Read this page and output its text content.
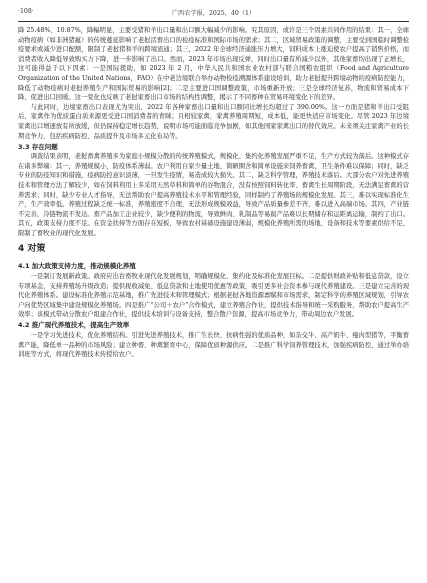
·108·	广西农学报，2025，40（1）

降 25.48%、10.87%，降幅明显，主要受猪和羊出口量和出口额大幅减少的影响。究其原因，或许是三个因素共同作用的结果：其一，全球动物疫病（如非洲猪瘟）的传统蔓延影响了老挝活畜出口的检疫标准和国际市场的需求；其二，区域贸易政策的调整，主要受到国临时调整检疫要求或减少进口配额，限制了老挝猪和羊的跨境流通；其三，2022 年全球经济通胀压力增大，饲料成本上涨迫使农户提高了销售价格，而消费者收入降低导致购买力下降，进一步影响了出口。然而，2023 年市场出现反弹，同时出口量有所减少以外，其他家畜均出现了正增长，这可能得益于以下因素：一是国际援助，如 2023 年 2 月，中华人民共和国农业农村部与联合国粮农组织（Food and Agriculture Organization of the United Nations，FAO）在中老边境联合举办动物检疫溯源体系建设培训，助力老挝提升跨境动物的疫病防控能力，降低了动物疫病对老挝养殖生产和国际贸易的影响[2]；二是主要进口国调整政策，市场重新开放；三是全球经济复苏，物流和贸易成本下降，促进出口回暖。这一变化也反映了老挝家畜出口市场的结构性调整，揭示了不同畜种在贸易环境变化下的差异。

与此同时，边境家畜出口表现尤为突出，2022 年各种家畜出口量和出口额同比增长均超过了 390.00%。这一方面是猪和羊出口受阻后，家禽作为优质蛋白质来源更受进口国消费者的青睐；且相较家禽，家禽养殖周期短，成本低，能更快适应市场变化。尽管 2023 年边境家禽出口增速放有所放缓，但仍保持稳定增长趋势，说明市场可能面临竞争加剧，如其他国家家禽出口的替代效应。未来须关注家禽产业的长期竞争力，包括疾病防控、品质提升及市场多元化布局等。

3.3 存在问题

调查结果表明，老挝畜禽养殖多为家庭小规模分散的传统养殖模式，规模化、集约化养殖发展严重不足，生产方式较为落后。这种模式存在诸多弊端：其一，养殖规模小，防疫体系薄弱。农户利用自家少量土地、简陋圈舍和简单设施来饲养畜禽，卫生条件难以保障；同时，缺乏专业的防疫知识和措施，疫病防控意识淡薄，一旦发生疫情，易造成较大损失。其二，缺乏科学管理，养殖技术落后。大部分农户对先进养殖技术和管理方法了解较少，如在饲料利用上多采用天然草料和简单的谷物混合，没有按照饲料转化率、畜禽生长周期阶段，无法满足畜禽的营养需求；同时，缺少专业人才指导，无法帮助农户提高养殖技术水平和管理经验，同样制约了养殖场的规模化发展。其三，难以实现标准化生产，生产效率低。养殖过程缺乏统一标准，养殖密度不合理、无法形成规模效益，导致产品质量参差不齐，难以进入高端市场。其四，产业链不完善，冷链物流不发达。畜产品加工企业较少，缺少便利的物流，导致鲜肉、乳制品等易腐产品难以长期储存和运距离运输，制约了出口。其五，政策支持力度不足。在资金扶持等方面存在短板，导致农村基础设施建设薄弱，规模化养殖所需的场地、设备和技术等要素供给不足，限制了畜牧业的现代化发展。

4 对策
4.1 加大政策支持力度，推动规模化养殖

一是制订发展新政策。政府应出台畜牧业现代化发展规划，明确规模化、集约化及标准化发展目标。二是提供财政补贴和低息贷款，设立专项基金，支持养殖场升级改造；提供税收减免、低息贷款和土地使用优惠等政策，吸引更多社会资本参与现代养殖建设。三是建立完善的现代化养殖体系。建设标准化养殖示范基地，推广先进技术和管理模式；根据老挝各地资源禀赋和市场需求，制定科学的养殖区域规划，引导农户向优势区域集中建设规模化养殖场。四是推广“公司＋农户”合作模式，建立养殖合作社，提供技术指导和统一采购服务，帮助农户提高生产效率；该模式带动分散农户组建合作社，提供技术培训与设备支持，整合散户资源，提高市场竞争力，带动周边农户发展。

4.2 推广现代养殖技术，提高生产效率

一是学习先进技术，优化养殖结构。引进先进养殖技术，推广生长快、抗病性强的优质品种，如杂交牛、高产奶牛、瘦肉型猪等，平衡畜禽产能，降低单一品种的市场风险；建立种畜、种禽繁育中心，保障优质种源供应。二是推广科学饲养管理技术，加强疾病防控，通过举办培训班等方式，将现代养殖技术传授给农户。
